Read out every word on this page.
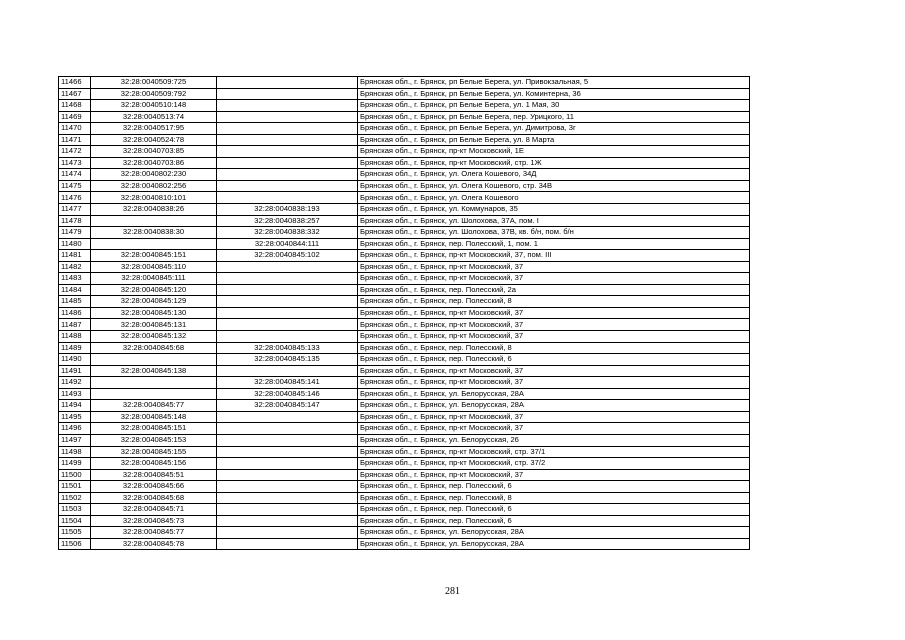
11466	32:28:0040509:725		Брянская обл., г. Брянск, рп Белые Берега, ул. Привокзальная, 5
11467	32:28:0040509:792		Брянская обл., г. Брянск, рп Белые Берега, ул. Коминтерна, 36
11468	32:28:0040510:148		Брянская обл., г. Брянск, рп Белые Берега, ул. 1 Мая, 30
11469	32:28:0040513:74		Брянская обл., г. Брянск, рп Белые Берега, пер. Урицкого, 11
11470	32:28:0040517:95		Брянская обл., г. Брянск, рп Белые Берега, ул. Димитрова, 3г
11471	32:28:0040524:78		Брянская обл., г. Брянск, рп Белые Берега, ул. 8 Марта
11472	32:28:0040703:85		Брянская обл., г. Брянск, пр-кт Московский, 1Е
11473	32:28:0040703:86		Брянская обл., г. Брянск, пр-кт Московский, стр. 1Ж
11474	32:28:0040802:230		Брянская обл., г. Брянск, ул. Олега Кошевого, 34Д
11475	32:28:0040802:256		Брянская обл., г. Брянск, ул. Олега Кошевого, стр. 34В
11476	32:28:0040810:101		Брянская обл., г. Брянск, ул. Олега Кошевого
11477	32:28:0040838:26	32:28:0040838:193	Брянская обл., г. Брянск, ул. Коммунаров, 35
11478		32:28:0040838:257	Брянская обл., г. Брянск, ул. Шолохова, 37А, пом. I
11479	32:28:0040838:30	32:28:0040838:332	Брянская обл., г. Брянск, ул. Шолохова, 37В, кв. б/н, пом. б/н
11480		32:28:0040844:111	Брянская обл., г. Брянск, пер. Полесский, 1, пом. 1
11481	32:28:0040845:151	32:28:0040845:102	Брянская обл., г. Брянск, пр-кт Московский, 37, пом. III
11482	32:28:0040845:110		Брянская обл., г. Брянск, пр-кт Московский, 37
11483	32:28:0040845:111		Брянская обл., г. Брянск, пр-кт Московский, 37
11484	32:28:0040845:120		Брянская обл., г. Брянск, пер. Полесский, 2а
11485	32:28:0040845:129		Брянская обл., г. Брянск, пер. Полесский, 8
11486	32:28:0040845:130		Брянская обл., г. Брянск, пр-кт Московский, 37
11487	32:28:0040845:131		Брянская обл., г. Брянск, пр-кт Московский, 37
11488	32:28:0040845:132		Брянская обл., г. Брянск, пр-кт Московский, 37
11489	32:28:0040845:68	32:28:0040845:133	Брянская обл., г. Брянск, пер. Полесский, 8
11490		32:28:0040845:135	Брянская обл., г. Брянск, пер. Полесский, 6
11491	32:28:0040845:138		Брянская обл., г. Брянск, пр-кт Московский, 37
11492		32:28:0040845:141	Брянская обл., г. Брянск, пр-кт Московский, 37
11493		32:28:0040845:146	Брянская обл., г. Брянск, ул. Белорусская, 28А
11494	32:28:0040845:77	32:28:0040845:147	Брянская обл., г. Брянск, ул. Белорусская, 28А
11495	32:28:0040845:148		Брянская обл., г. Брянск, пр-кт Московский, 37
11496	32:28:0040845:151		Брянская обл., г. Брянск, пр-кт Московский, 37
11497	32:28:0040845:153		Брянская обл., г. Брянск, ул. Белорусская, 26
11498	32:28:0040845:155		Брянская обл., г. Брянск, пр-кт Московский, стр. 37/1
11499	32:28:0040845:156		Брянская обл., г. Брянск, пр-кт Московский, стр. 37/2
11500	32:28:0040845:51		Брянская обл., г. Брянск, пр-кт Московский, 37
11501	32:28:0040845:66		Брянская обл., г. Брянск, пер. Полесский, 6
11502	32:28:0040845:68		Брянская обл., г. Брянск, пер. Полесский, 8
11503	32:28:0040845:71		Брянская обл., г. Брянск, пер. Полесский, 6
11504	32:28:0040845:73		Брянская обл., г. Брянск, пер. Полесский, 6
11505	32:28:0040845:77		Брянская обл., г. Брянск, ул. Белорусская, 28А
11506	32:28:0040845:78		Брянская обл., г. Брянск, ул. Белорусская, 28А
281
